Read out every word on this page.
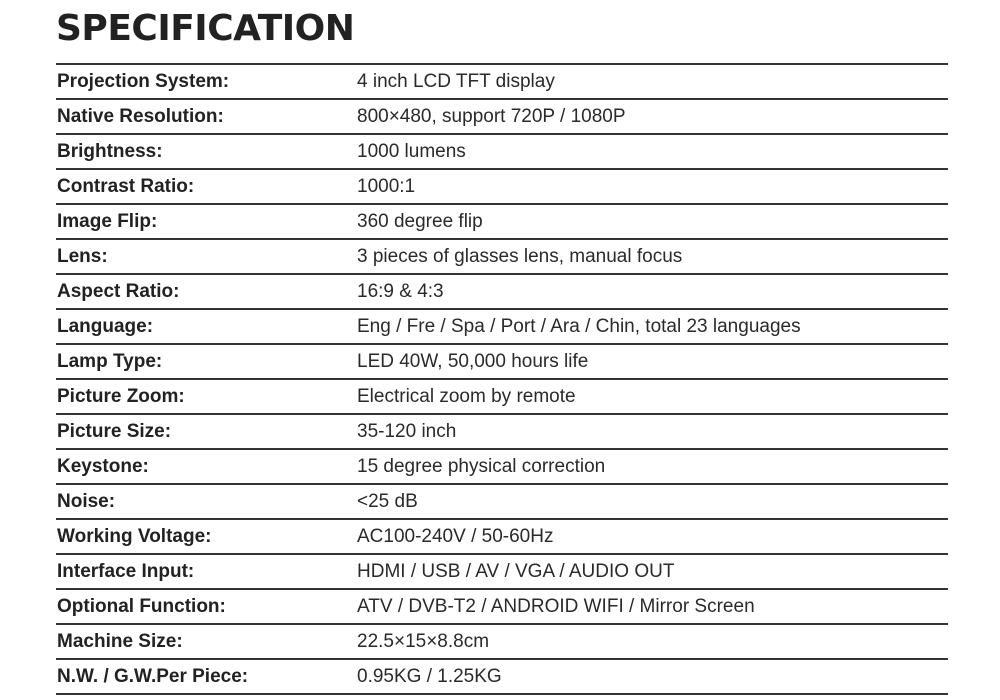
SPECIFICATION
Projection System:	4 inch LCD TFT display
Native Resolution:	800×480, support 720P / 1080P
Brightness:	1000 lumens
Contrast Ratio:	1000:1
Image Flip:	360 degree flip
Lens:	3 pieces of glasses lens, manual focus
Aspect Ratio:	16:9 & 4:3
Language:	Eng / Fre / Spa / Port / Ara / Chin, total 23 languages
Lamp Type:	LED 40W, 50,000 hours life
Picture Zoom:	Electrical zoom by remote
Picture Size:	35-120 inch
Keystone:	15 degree physical correction
Noise:	<25 dB
Working Voltage:	AC100-240V / 50-60Hz
Interface Input:	HDMI / USB / AV / VGA / AUDIO OUT
Optional Function:	ATV / DVB-T2 / ANDROID WIFI / Mirror Screen
Machine Size:	22.5×15×8.8cm
N.W. / G.W.Per Piece:	0.95KG / 1.25KG
